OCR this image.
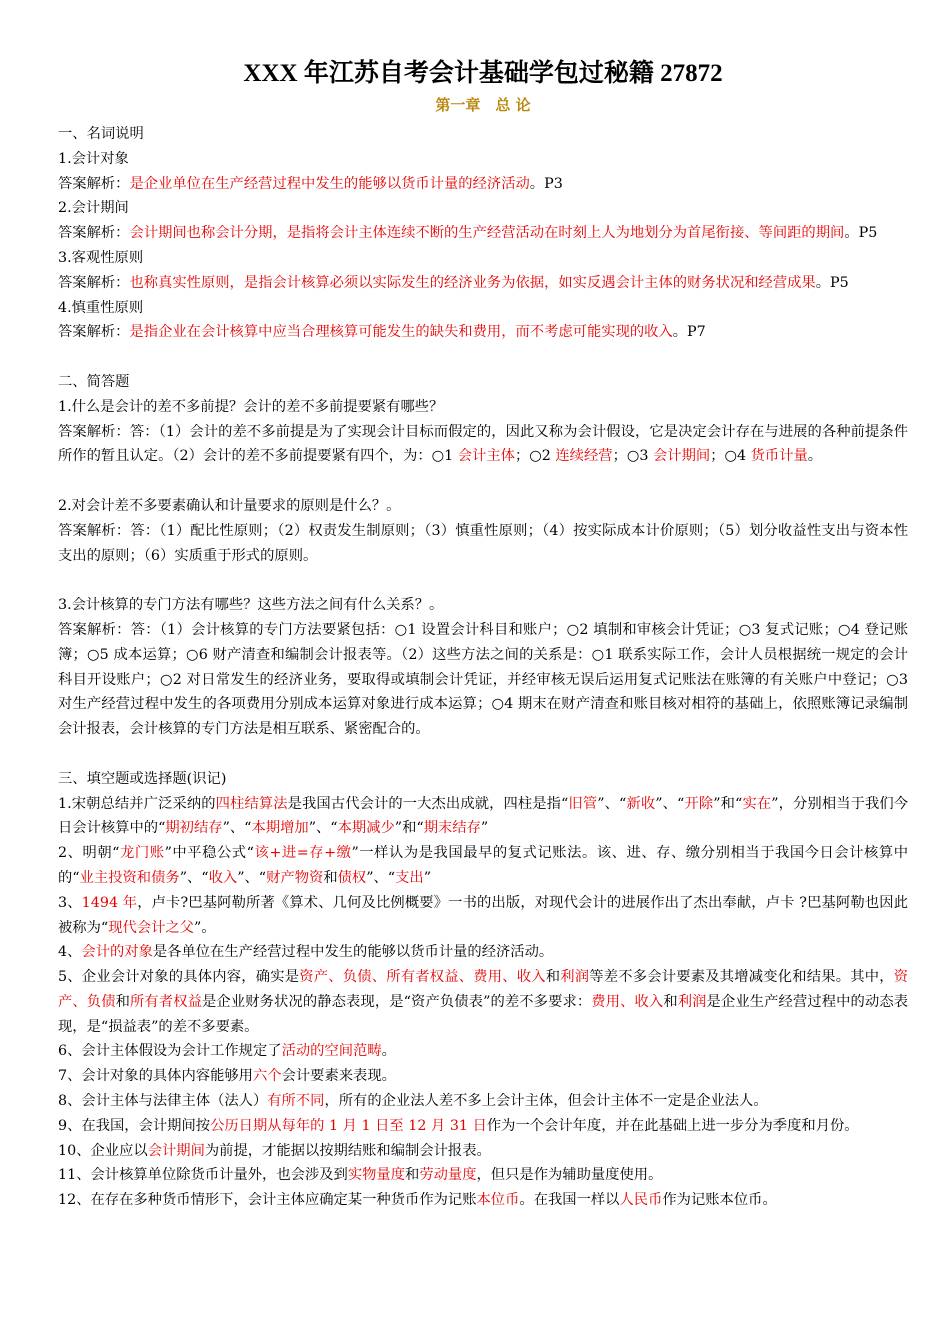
XXX 年江苏自考会计基础学包过秘籍 27872
第一章　总 论
一、名词说明
1.会计对象
答案解析：是企业单位在生产经营过程中发生的能够以货币计量的经济活动。P3
2.会计期间
答案解析：会计期间也称会计分期，是指将会计主体连续不断的生产经营活动在时刻上人为地划分为首尾衔接、等间距的期间。P5
3.客观性原则
答案解析：也称真实性原则，是指会计核算必须以实际发生的经济业务为依据，如实反遇会计主体的财务状况和经营成果。P5
4.慎重性原则
答案解析：是指企业在会计核算中应当合理核算可能发生的缺失和费用，而不考虑可能实现的收入。P7
二、简答题
1.什么是会计的差不多前提？会计的差不多前提要紧有哪些？
答案解析：答：（1）会计的差不多前提是为了实现会计目标而假定的，因此又称为会计假设，它是决定会计存在与进展的各种前提条件所作的暂且认定。（2）会计的差不多前提要紧有四个，为：○1 会计主体；○2 连续经营；○3 会计期间；○4 货币计量。
2.对会计差不多要素确认和计量要求的原则是什么？。
答案解析：答：（1）配比性原则；（2）权责发生制原则；（3）慎重性原则；（4）按实际成本计价原则；（5）划分收益性支出与资本性支出的原则；（6）实质重于形式的原则。
3.会计核算的专门方法有哪些？这些方法之间有什么关系？。
答案解析：答：（1）会计核算的专门方法要紧包括：○1 设置会计科目和账户；○2 填制和审核会计凭证；○3 复式记账；○4 登记账簿；○5 成本运算；○6 财产清查和编制会计报表等。（2）这些方法之间的关系是：○1 联系实际工作，会计人员根据统一规定的会计科目开设账户；○2 对日常发生的经济业务，要取得或填制会计凭证，并经审核无误后运用复式记账法在账簿的有关账户中登记；○3 对生产经营过程中发生的各项费用分别成本运算对象进行成本运算；○4 期末在财产清查和账目核对相符的基础上，依照账簿记录编制会计报表，会计核算的专门方法是相互联系、紧密配合的。
三、填空题或选择题(识记)
1.宋朝总结并广泛采纳的四柱结算法是我国古代会计的一大杰出成就，四柱是指“旧管”、“新收”、“开除”和“实在”，分别相当于我们今日会计核算中的“期初结存”、“本期增加”、“本期减少”和“期末结存”
2、明朝“龙门账”中平稳公式“该+进=存+缴”一样认为是我国最早的复式记账法。该、进、存、缴分别相当于我国今日会计核算中的“业主投资和债务”、“收入”、“财产物资和债权”、“支出”
3、1494 年，卢卡?巴基阿勒所著《算术、几何及比例概要》一书的出版，对现代会计的进展作出了杰出奉献，卢卡 ?巴基阿勒也因此被称为“现代会计之父”。
4、会计的对象是各单位在生产经营过程中发生的能够以货币计量的经济活动。
5、企业会计对象的具体内容，确实是资产、负债、所有者权益、费用、收入和利润等差不多会计要素及其增减变化和结果。其中，资产、负债和所有者权益是企业财务状况的静态表现，是“资产负债表”的差不多要求：费用、收入和利润是企业生产经营过程中的动态表现，是“损益表”的差不多要素。
6、会计主体假设为会计工作规定了活动的空间范畴。
7、会计对象的具体内容能够用六个会计要素来表现。
8、会计主体与法律主体（法人）有所不同，所有的企业法人差不多上会计主体，但会计主体不一定是企业法人。
9、在我国，会计期间按公历日期从每年的 1 月 1 日至 12 月 31 日作为一个会计年度，并在此基础上进一步分为季度和月份。
10、企业应以会计期间为前提，才能据以按期结账和编制会计报表。
11、会计核算单位除货币计量外，也会涉及到实物量度和劳动量度，但只是作为辅助量度使用。
12、在存在多种货币情形下，会计主体应确定某一种货币作为记账本位币。在我国一样以人民币作为记账本位币。
